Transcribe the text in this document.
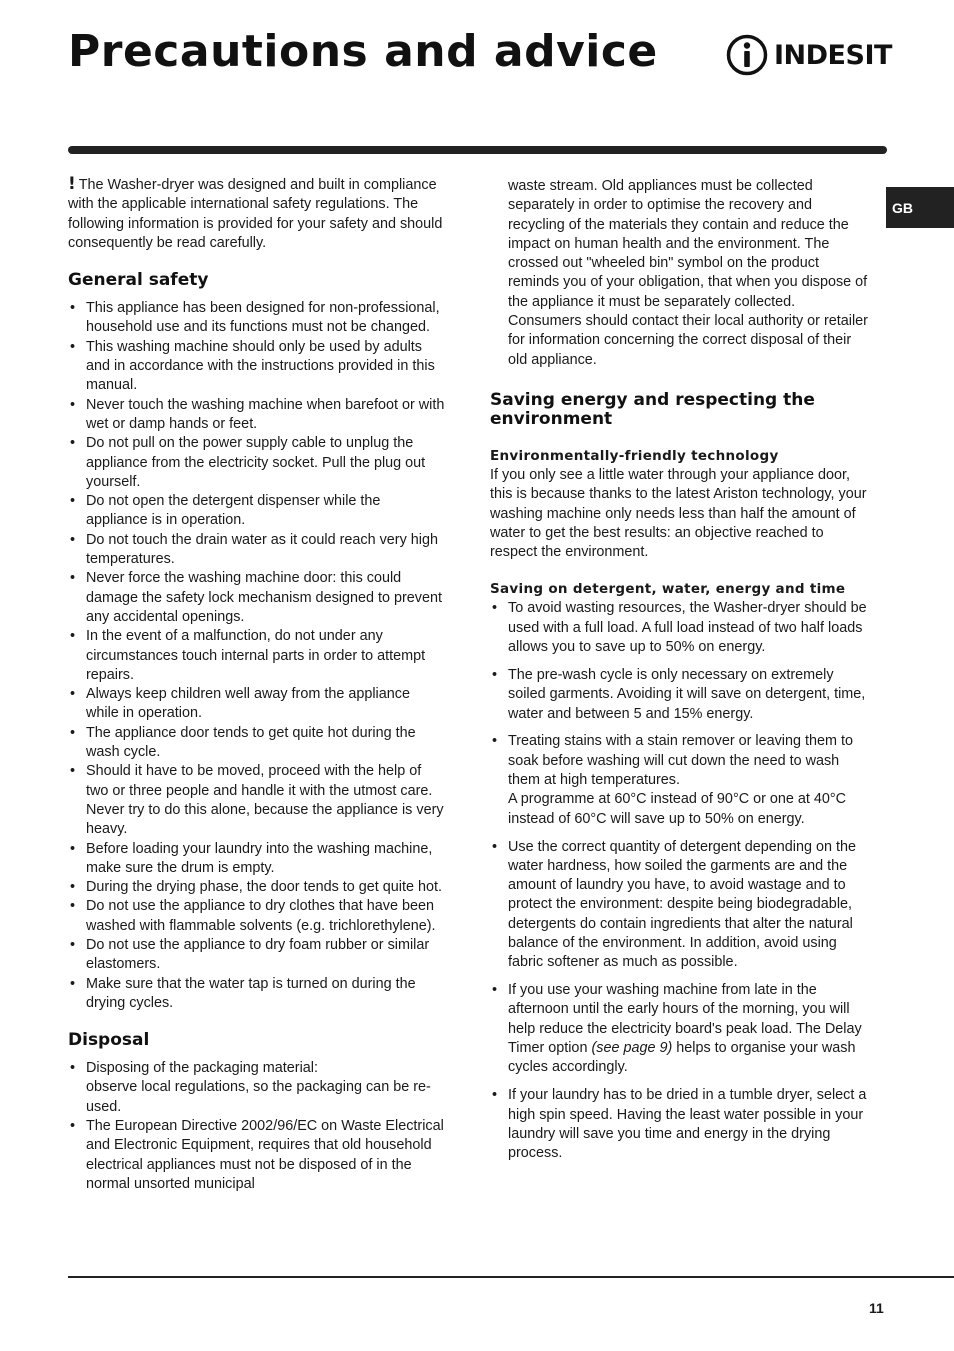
Precautions and advice	INDESIT
GB

! The Washer-dryer was designed and built in compliance with the applicable international safety regulations. The following information is provided for your safety and should consequently be read carefully.

General safety
• This appliance has been designed for non-professional, household use and its functions must not be changed.
• This washing machine should only be used by adults and in accordance with the instructions provided in this manual.
• Never touch the washing machine when barefoot or with wet or damp hands or feet.
• Do not pull on the power supply cable to unplug the appliance from the electricity socket. Pull the plug out yourself.
• Do not open the detergent dispenser while the appliance is in operation.
• Do not touch the drain water as it could reach very high temperatures.
• Never force the washing machine door: this could damage the safety lock mechanism designed to prevent any accidental openings.
• In the event of a malfunction, do not under any circumstances touch internal parts in order to attempt repairs.
• Always keep children well away from the appliance while in operation.
• The appliance door tends to get quite hot during the wash cycle.
• Should it have to be moved, proceed with the help of two or three people and handle it with the utmost care. Never try to do this alone, because the appliance is very heavy.
• Before loading your laundry into the washing machine, make sure the drum is empty.
• During the drying phase, the door tends to get quite hot.
• Do not use the appliance to dry clothes that have been washed with flammable solvents (e.g. trichlorethylene).
• Do not use the appliance to dry foam rubber or similar elastomers.
• Make sure that the water tap is turned on during the drying cycles.
Disposal
• Disposing of the packaging material:
observe local regulations, so the packaging can be re-used.
• The European Directive 2002/96/EC on Waste Electrical and Electronic Equipment, requires that old household electrical appliances must not be disposed of in the normal unsorted municipal

waste stream. Old appliances must be collected separately in order to optimise the recovery and recycling of the materials they contain and reduce the impact on human health and the environment. The crossed out "wheeled bin" symbol on the product reminds you of your obligation, that when you dispose of the appliance it must be separately collected.

Consumers should contact their local authority or retailer for information concerning the correct disposal of their old appliance.

Saving energy and respecting the environment
Environmentally-friendly technology

If you only see a little water through your appliance door, this is because thanks to the latest Ariston technology, your washing machine only needs less than half the amount of water to get the best results: an objective reached to respect the environment.

Saving on detergent, water, energy and time
• To avoid wasting resources, the Washer-dryer should be used with a full load. A full load instead of two half loads allows you to save up to 50% on energy.
• The pre-wash cycle is only necessary on extremely soiled garments. Avoiding it will save on detergent, time, water and between 5 and 15% energy.
• Treating stains with a stain remover or leaving them to soak before washing will cut down the need to wash them at high temperatures.
A programme at 60°C instead of 90°C or one at 40°C instead of 60°C will save up to 50% on energy.
• Use the correct quantity of detergent depending on the water hardness, how soiled the garments are and the amount of laundry you have, to avoid wastage and to protect the environment: despite being biodegradable, detergents do contain ingredients that alter the natural balance of the environment. In addition, avoid using fabric softener as much as possible.
• If you use your washing machine from late in the afternoon until the early hours of the morning, you will help reduce the electricity board's peak load. The Delay Timer option (see page 9) helps to organise your wash cycles accordingly.
• If your laundry has to be dried in a tumble dryer, select a high spin speed. Having the least water possible in your laundry will save you time and energy in the drying process.
11
